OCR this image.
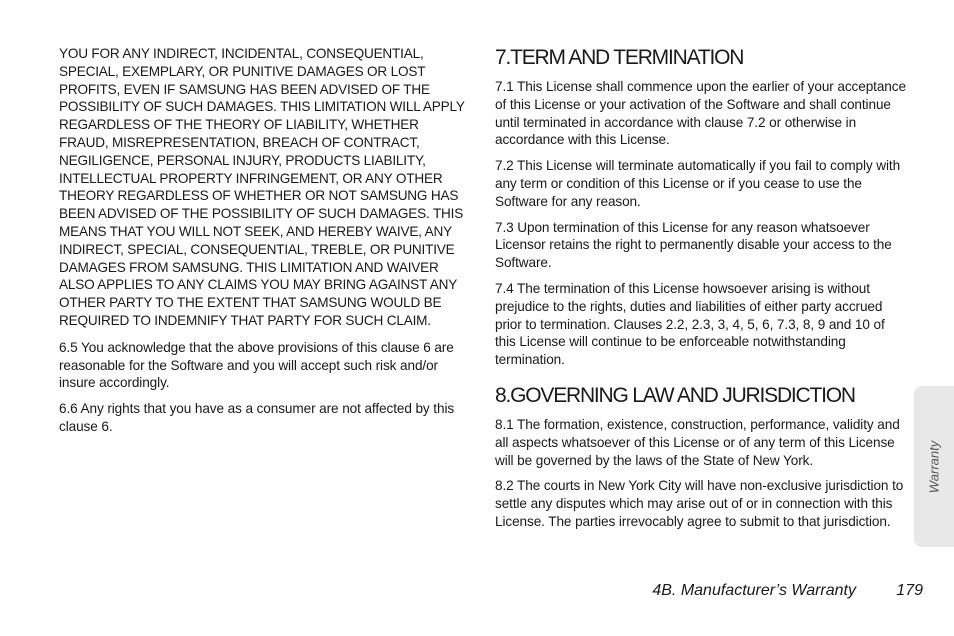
YOU FOR ANY INDIRECT, INCIDENTAL, CONSEQUENTIAL, SPECIAL, EXEMPLARY, OR PUNITIVE DAMAGES OR LOST PROFITS, EVEN IF SAMSUNG HAS BEEN ADVISED OF THE POSSIBILITY OF SUCH DAMAGES. THIS LIMITATION WILL APPLY REGARDLESS OF THE THEORY OF LIABILITY, WHETHER FRAUD, MISREPRESENTATION, BREACH OF CONTRACT, NEGILIGENCE, PERSONAL INJURY, PRODUCTS LIABILITY, INTELLECTUAL PROPERTY INFRINGEMENT, OR ANY OTHER THEORY REGARDLESS OF WHETHER OR NOT SAMSUNG HAS BEEN ADVISED OF THE POSSIBILITY OF SUCH DAMAGES. THIS MEANS THAT YOU WILL NOT SEEK, AND HEREBY WAIVE, ANY INDIRECT, SPECIAL, CONSEQUENTIAL, TREBLE, OR PUNITIVE DAMAGES FROM SAMSUNG. THIS LIMITATION AND WAIVER ALSO APPLIES TO ANY CLAIMS YOU MAY BRING AGAINST ANY OTHER PARTY TO THE EXTENT THAT SAMSUNG WOULD BE REQUIRED TO INDEMNIFY THAT PARTY FOR SUCH CLAIM.

6.5 You acknowledge that the above provisions of this clause 6 are reasonable for the Software and you will accept such risk and/or insure accordingly.

6.6 Any rights that you have as a consumer are not affected by this clause 6.

7.TERM AND TERMINATION

7.1 This License shall commence upon the earlier of your acceptance of this License or your activation of the Software and shall continue until terminated in accordance with clause 7.2 or otherwise in accordance with this License.

7.2 This License will terminate automatically if you fail to comply with any term or condition of this License or if you cease to use the Software for any reason.

7.3 Upon termination of this License for any reason whatsoever Licensor retains the right to permanently disable your access to the Software.

7.4 The termination of this License howsoever arising is without prejudice to the rights, duties and liabilities of either party accrued prior to termination. Clauses 2.2, 2.3, 3, 4, 5, 6, 7.3, 8, 9 and 10 of this License will continue to be enforceable notwithstanding termination.

8.GOVERNING LAW AND JURISDICTION

8.1 The formation, existence, construction, performance, validity and all aspects whatsoever of this License or of any term of this License will be governed by the laws of the State of New York.

8.2 The courts in New York City will have non-exclusive jurisdiction to settle any disputes which may arise out of or in connection with this License. The parties irrevocably agree to submit to that jurisdiction.

Warranty
4B. Manufacturer’s Warranty	179
